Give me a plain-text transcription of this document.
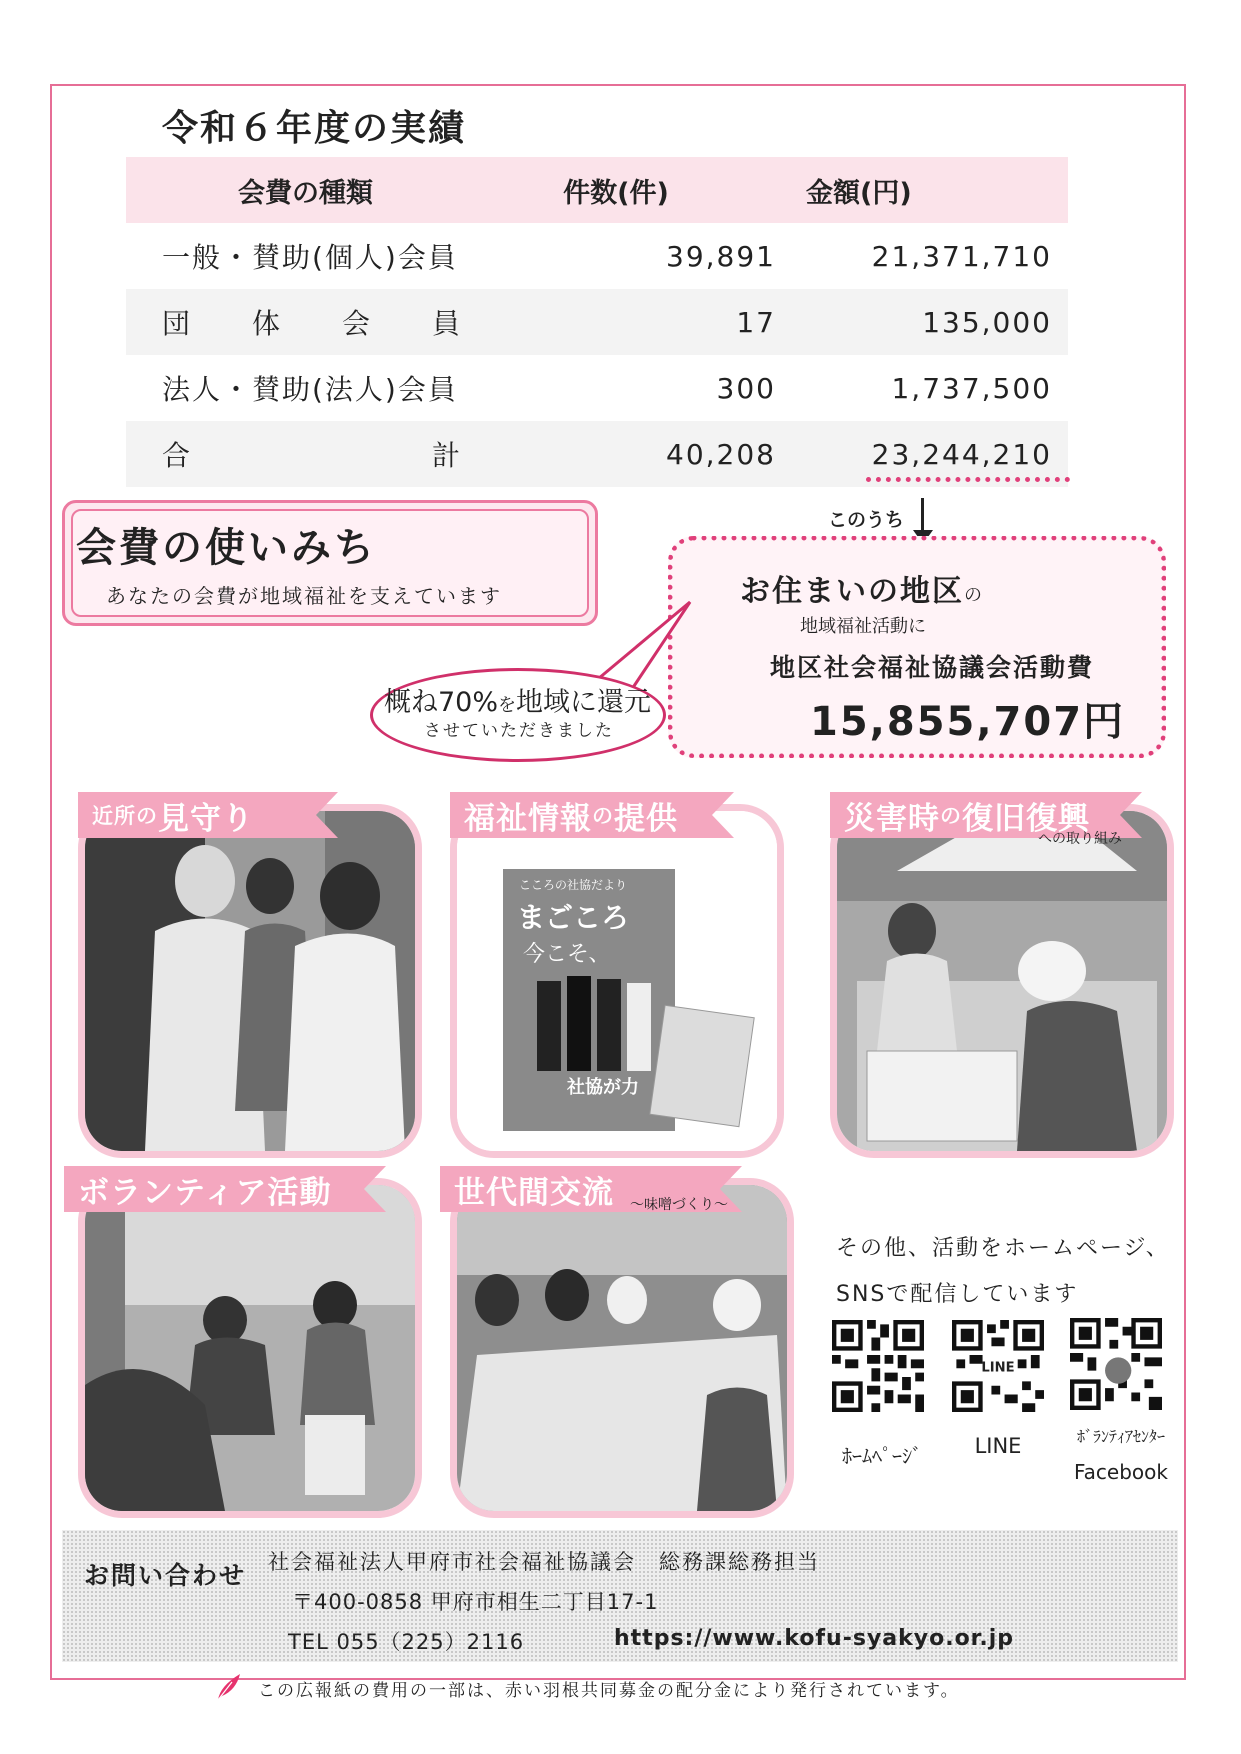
令和６年度の実績
会費の種類	件数(件)	金額(円)
一般・賛助(個人)会員	39,891	21,371,710
団　　体　　会　　員	17	135,000
法人・賛助(法人)会員	300	1,737,500
合　　　　　　　　計	40,208	23,244,210
このうち
会費の使いみち
あなたの会費が地域福祉を支えています	お住まいの地区の
地域福祉活動に
地区社会福祉協議会活動費
15,855,707円
概ね70%を地域に還元
させていただきました
近所の 見守り
こころの社協だより
まごころ
今こそ、
社協が力
福祉情報 の 提供	災害時 の 復旧復興
への取り組み
ボランティア活動	世代間交流 ～味噌づくり～
その他、活動をホームページ、
SNSで配信しています
LINE
ﾎｰﾑﾍﾟｰｼﾞ	LINE	ﾎﾞﾗﾝﾃｨｱｾﾝﾀｰ
Facebook
お問い合わせ 社会福祉法人甲府市社会福祉協議会　総務課総務担当
〒400-0858 甲府市相生二丁目17-1
TEL 055（225）2116	https://www.kofu-syakyo.or.jp
この広報紙の費用の一部は、赤い羽根共同募金の配分金により発行されています。
